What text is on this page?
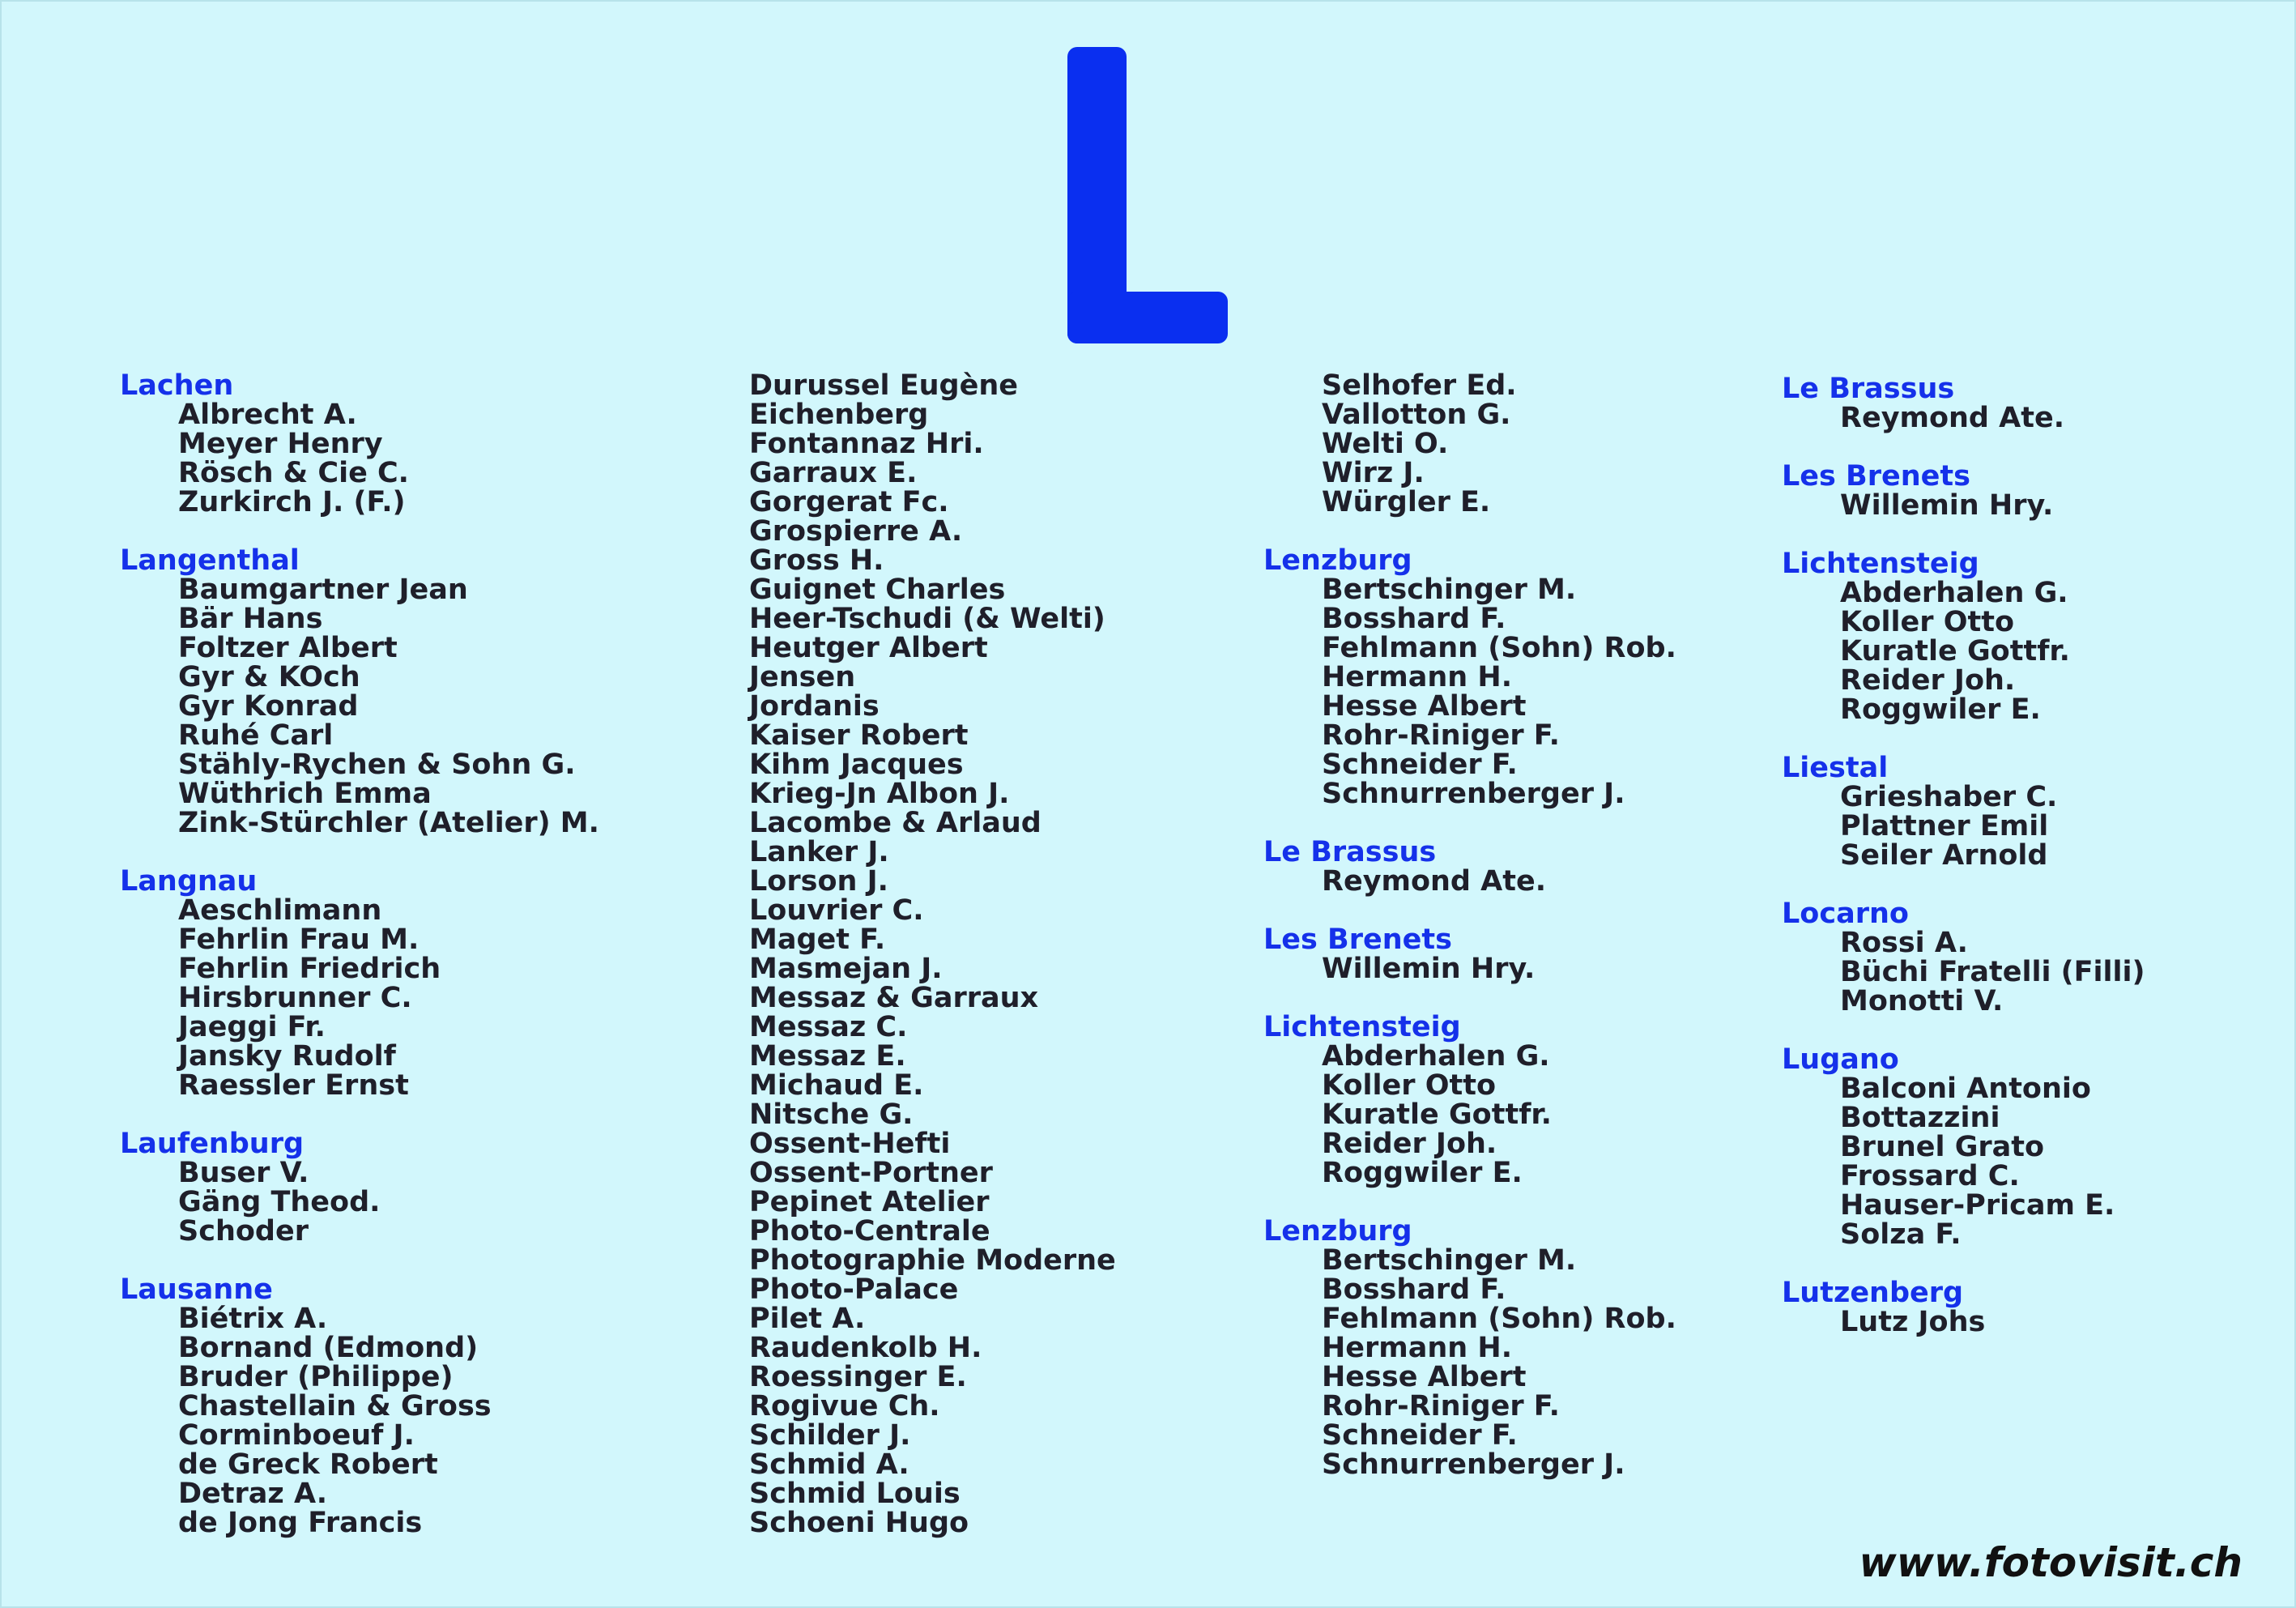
Lachen
Albrecht A.
Meyer Henry
Rösch & Cie C.
Zurkirch J. (F.)
Langenthal
Baumgartner Jean
Bär Hans
Foltzer Albert
Gyr & KOch
Gyr Konrad
Ruhé Carl
Stähly-Rychen & Sohn G.
Wüthrich Emma
Zink-Stürchler (Atelier) M.
Langnau
Aeschlimann
Fehrlin Frau M.
Fehrlin Friedrich
Hirsbrunner C.
Jaeggi Fr.
Jansky Rudolf
Raessler Ernst
Laufenburg
Buser V.
Gäng Theod.
Schoder
Lausanne
Biétrix A.
Bornand (Edmond)
Bruder (Philippe)
Chastellain & Gross
Corminboeuf J.
de Greck Robert
Detraz A.
de Jong Francis
Durussel Eugène
Eichenberg
Fontannaz Hri.
Garraux E.
Gorgerat Fc.
Grospierre A.
Gross H.
Guignet Charles
Heer-Tschudi (& Welti)
Heutger Albert
Jensen
Jordanis
Kaiser Robert
Kihm Jacques
Krieg-Jn Albon J.
Lacombe & Arlaud
Lanker J.
Lorson J.
Louvrier C.
Maget F.
Masmejan J.
Messaz & Garraux
Messaz C.
Messaz E.
Michaud E.
Nitsche G.
Ossent-Hefti
Ossent-Portner
Pepinet Atelier
Photo-Centrale
Photographie Moderne
Photo-Palace
Pilet A.
Raudenkolb H.
Roessinger E.
Rogivue Ch.
Schilder J.
Schmid A.
Schmid Louis
Schoeni Hugo
Selhofer Ed.
Vallotton G.
Welti O.
Wirz J.
Würgler E.
Lenzburg
Bertschinger M.
Bosshard F.
Fehlmann (Sohn) Rob.
Hermann H.
Hesse Albert
Rohr-Riniger F.
Schneider F.
Schnurrenberger J.
Le Brassus
Reymond Ate.
Les Brenets
Willemin Hry.
Lichtensteig
Abderhalen G.
Koller Otto
Kuratle Gottfr.
Reider Joh.
Roggwiler E.
Lenzburg
Bertschinger M.
Bosshard F.
Fehlmann (Sohn) Rob.
Hermann H.
Hesse Albert
Rohr-Riniger F.
Schneider F.
Schnurrenberger J.
Le Brassus
Reymond Ate.
Les Brenets
Willemin Hry.
Lichtensteig
Abderhalen G.
Koller Otto
Kuratle Gottfr.
Reider Joh.
Roggwiler E.
Liestal
Grieshaber C.
Plattner Emil
Seiler Arnold
Locarno
Rossi A.
Büchi Fratelli (Filli)
Monotti V.
Lugano
Balconi Antonio
Bottazzini
Brunel Grato
Frossard C.
Hauser-Pricam E.
Solza F.
Lutzenberg
Lutz Johs
www.fotovisit.ch
